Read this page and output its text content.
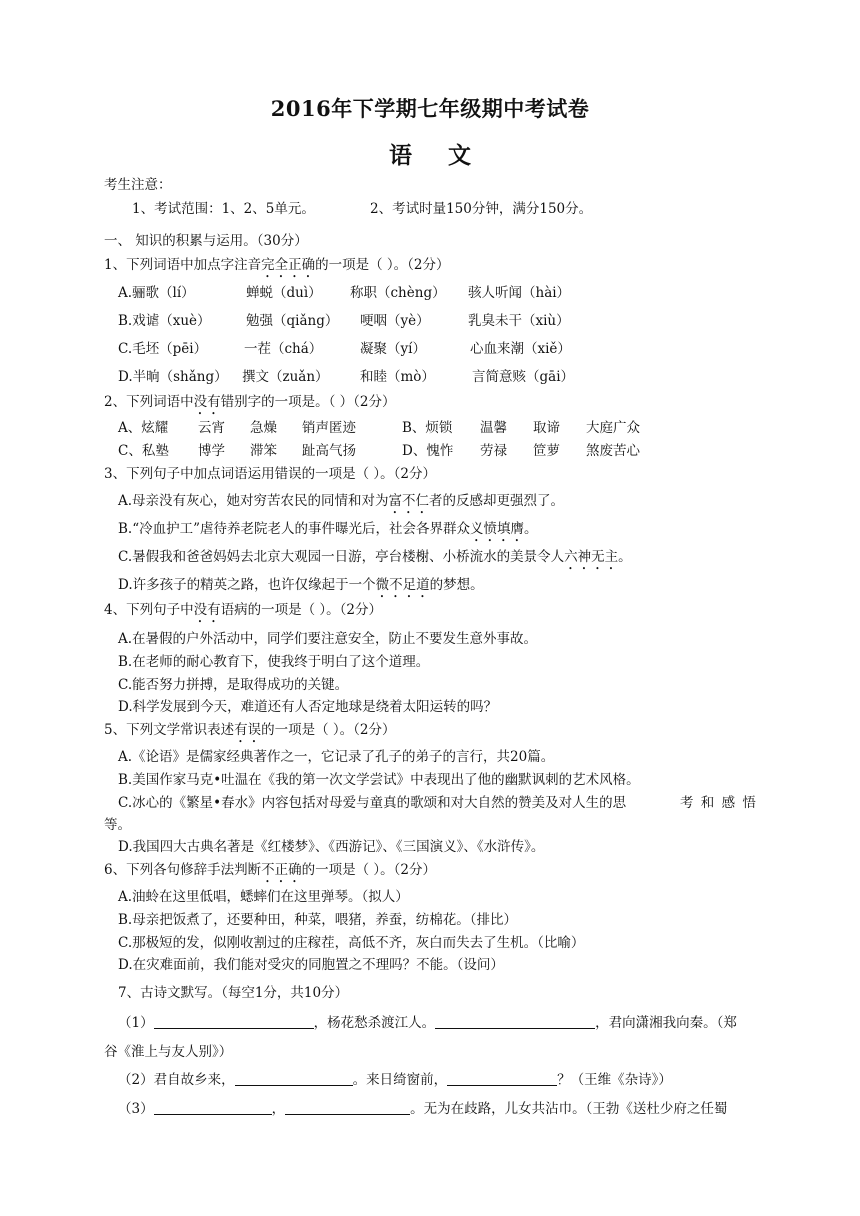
2016年下学期七年级期中考试卷
语 文
考生注意：
1、考试范围：1、2、5单元。	2、考试时量150分钟，满分150分。
一、 知识的积累与运用。（30分）
1、下列词语中加点字注音完全正确的一项是（ ）。（2分）
A.骊歌（lí）	蝉蜕（duì） 称职（chèng） 骇人听闻（hài）
B.戏谑（xuè）	勉强（qiǎng） 哽咽（yè）	乳臭未干（xiù）
C.毛坯（pēi）	一茬（chá）	凝聚（yí）	心血来潮（xiě）
D.半晌（shǎng） 撰文（zuǎn） 和睦（mò）	言简意赅（gāi）
2、下列词语中没有错别字的一项是。（ ）（2分）
A、炫耀 云宵 急燥 销声匿迹	B、烦锁 温馨 取谛 大庭广众
C、私塾 博学 滞笨 趾高气扬	D、愧怍 劳禄 笸萝 煞废苦心
3、下列句子中加点词语运用错误的一项是（ ）。（2分）
A.母亲没有灰心，她对穷苦农民的同情和对为富不仁者的反感却更强烈了。
B.“冷血护工”虐待养老院老人的事件曝光后，社会各界群众义愤填膺。
C.暑假我和爸爸妈妈去北京大观园一日游，亭台楼榭、小桥流水的美景令人六神无主。
D.许多孩子的精英之路，也许仅缘起于一个微不足道的梦想。
4、下列句子中没有语病的一项是（ ）。（2分）
A.在暑假的户外活动中，同学们要注意安全，防止不要发生意外事故。
B.在老师的耐心教育下，使我终于明白了这个道理。
C.能否努力拼搏，是取得成功的关键。
D.科学发展到今天，难道还有人否定地球是绕着太阳运转的吗？
5、下列文学常识表述有误的一项是（ ）。（2分）
A.《论语》是儒家经典著作之一，它记录了孔子的弟子的言行，共20篇。
B.美国作家马克•吐温在《我的第一次文学尝试》中表现出了他的幽默讽刺的艺术风格。
C.冰心的《繁星•春水》内容包括对母爱与童真的歌颂和对大自然的赞美及对人生的思	考 和 感 悟
等。
D.我国四大古典名著是《红楼梦》、《西游记》、《三国演义》、《水浒传》。
6、下列各句修辞手法判断不正确的一项是（ ）。（2分）
A.油蛉在这里低唱，蟋蟀们在这里弹琴。（拟人）
B.母亲把饭煮了，还要种田，种菜，喂猪，养蚕，纺棉花。（排比）
C.那极短的发，似刚收割过的庄稼茬，高低不齐，灰白而失去了生机。（比喻）
D.在灾难面前，我们能对受灾的同胞置之不理吗？不能。（设问）
7、古诗文默写。（每空1分，共10分）
（1）	，杨花愁杀渡江人。	，君向潇湘我向秦。（郑
谷《淮上与友人别》）
（2）君自故乡来，	。来日绮窗前，	？（王维《杂诗》）
（3）	，	。无为在歧路，儿女共沾巾。（王勃《送杜少府之任蜀
